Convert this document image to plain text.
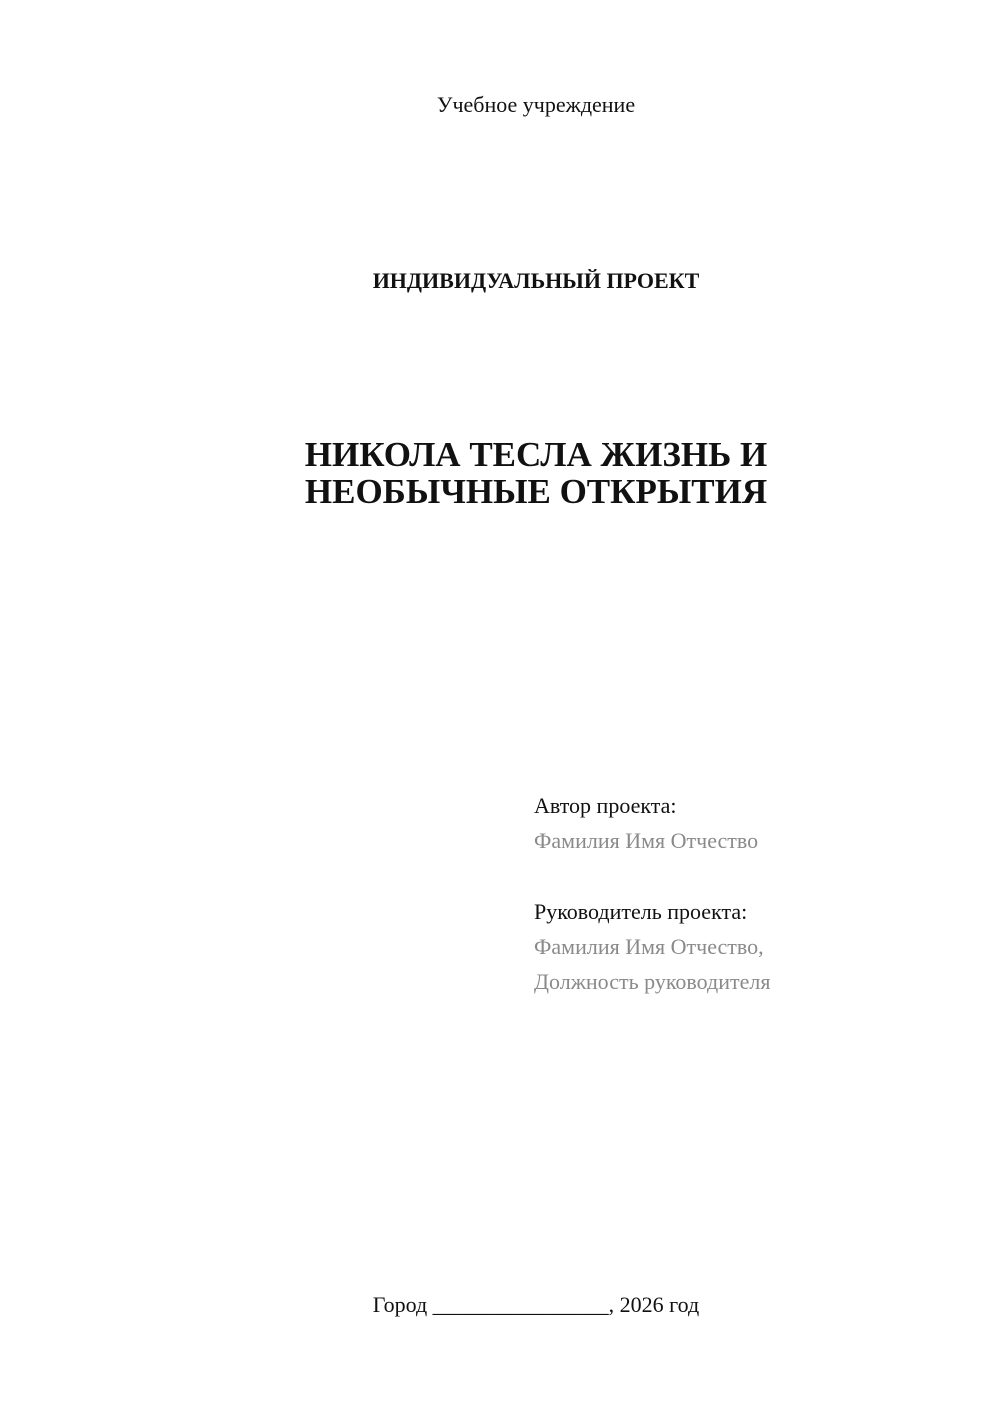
Учебное учреждение
ИНДИВИДУАЛЬНЫЙ ПРОЕКТ
НИКОЛА ТЕСЛА ЖИЗНЬ И
НЕОБЫЧНЫЕ ОТКРЫТИЯ
Автор проекта:
Фамилия Имя Отчество
Руководитель проекта:
Фамилия Имя Отчество,
Должность руководителя
Город ________________, 2026 год
